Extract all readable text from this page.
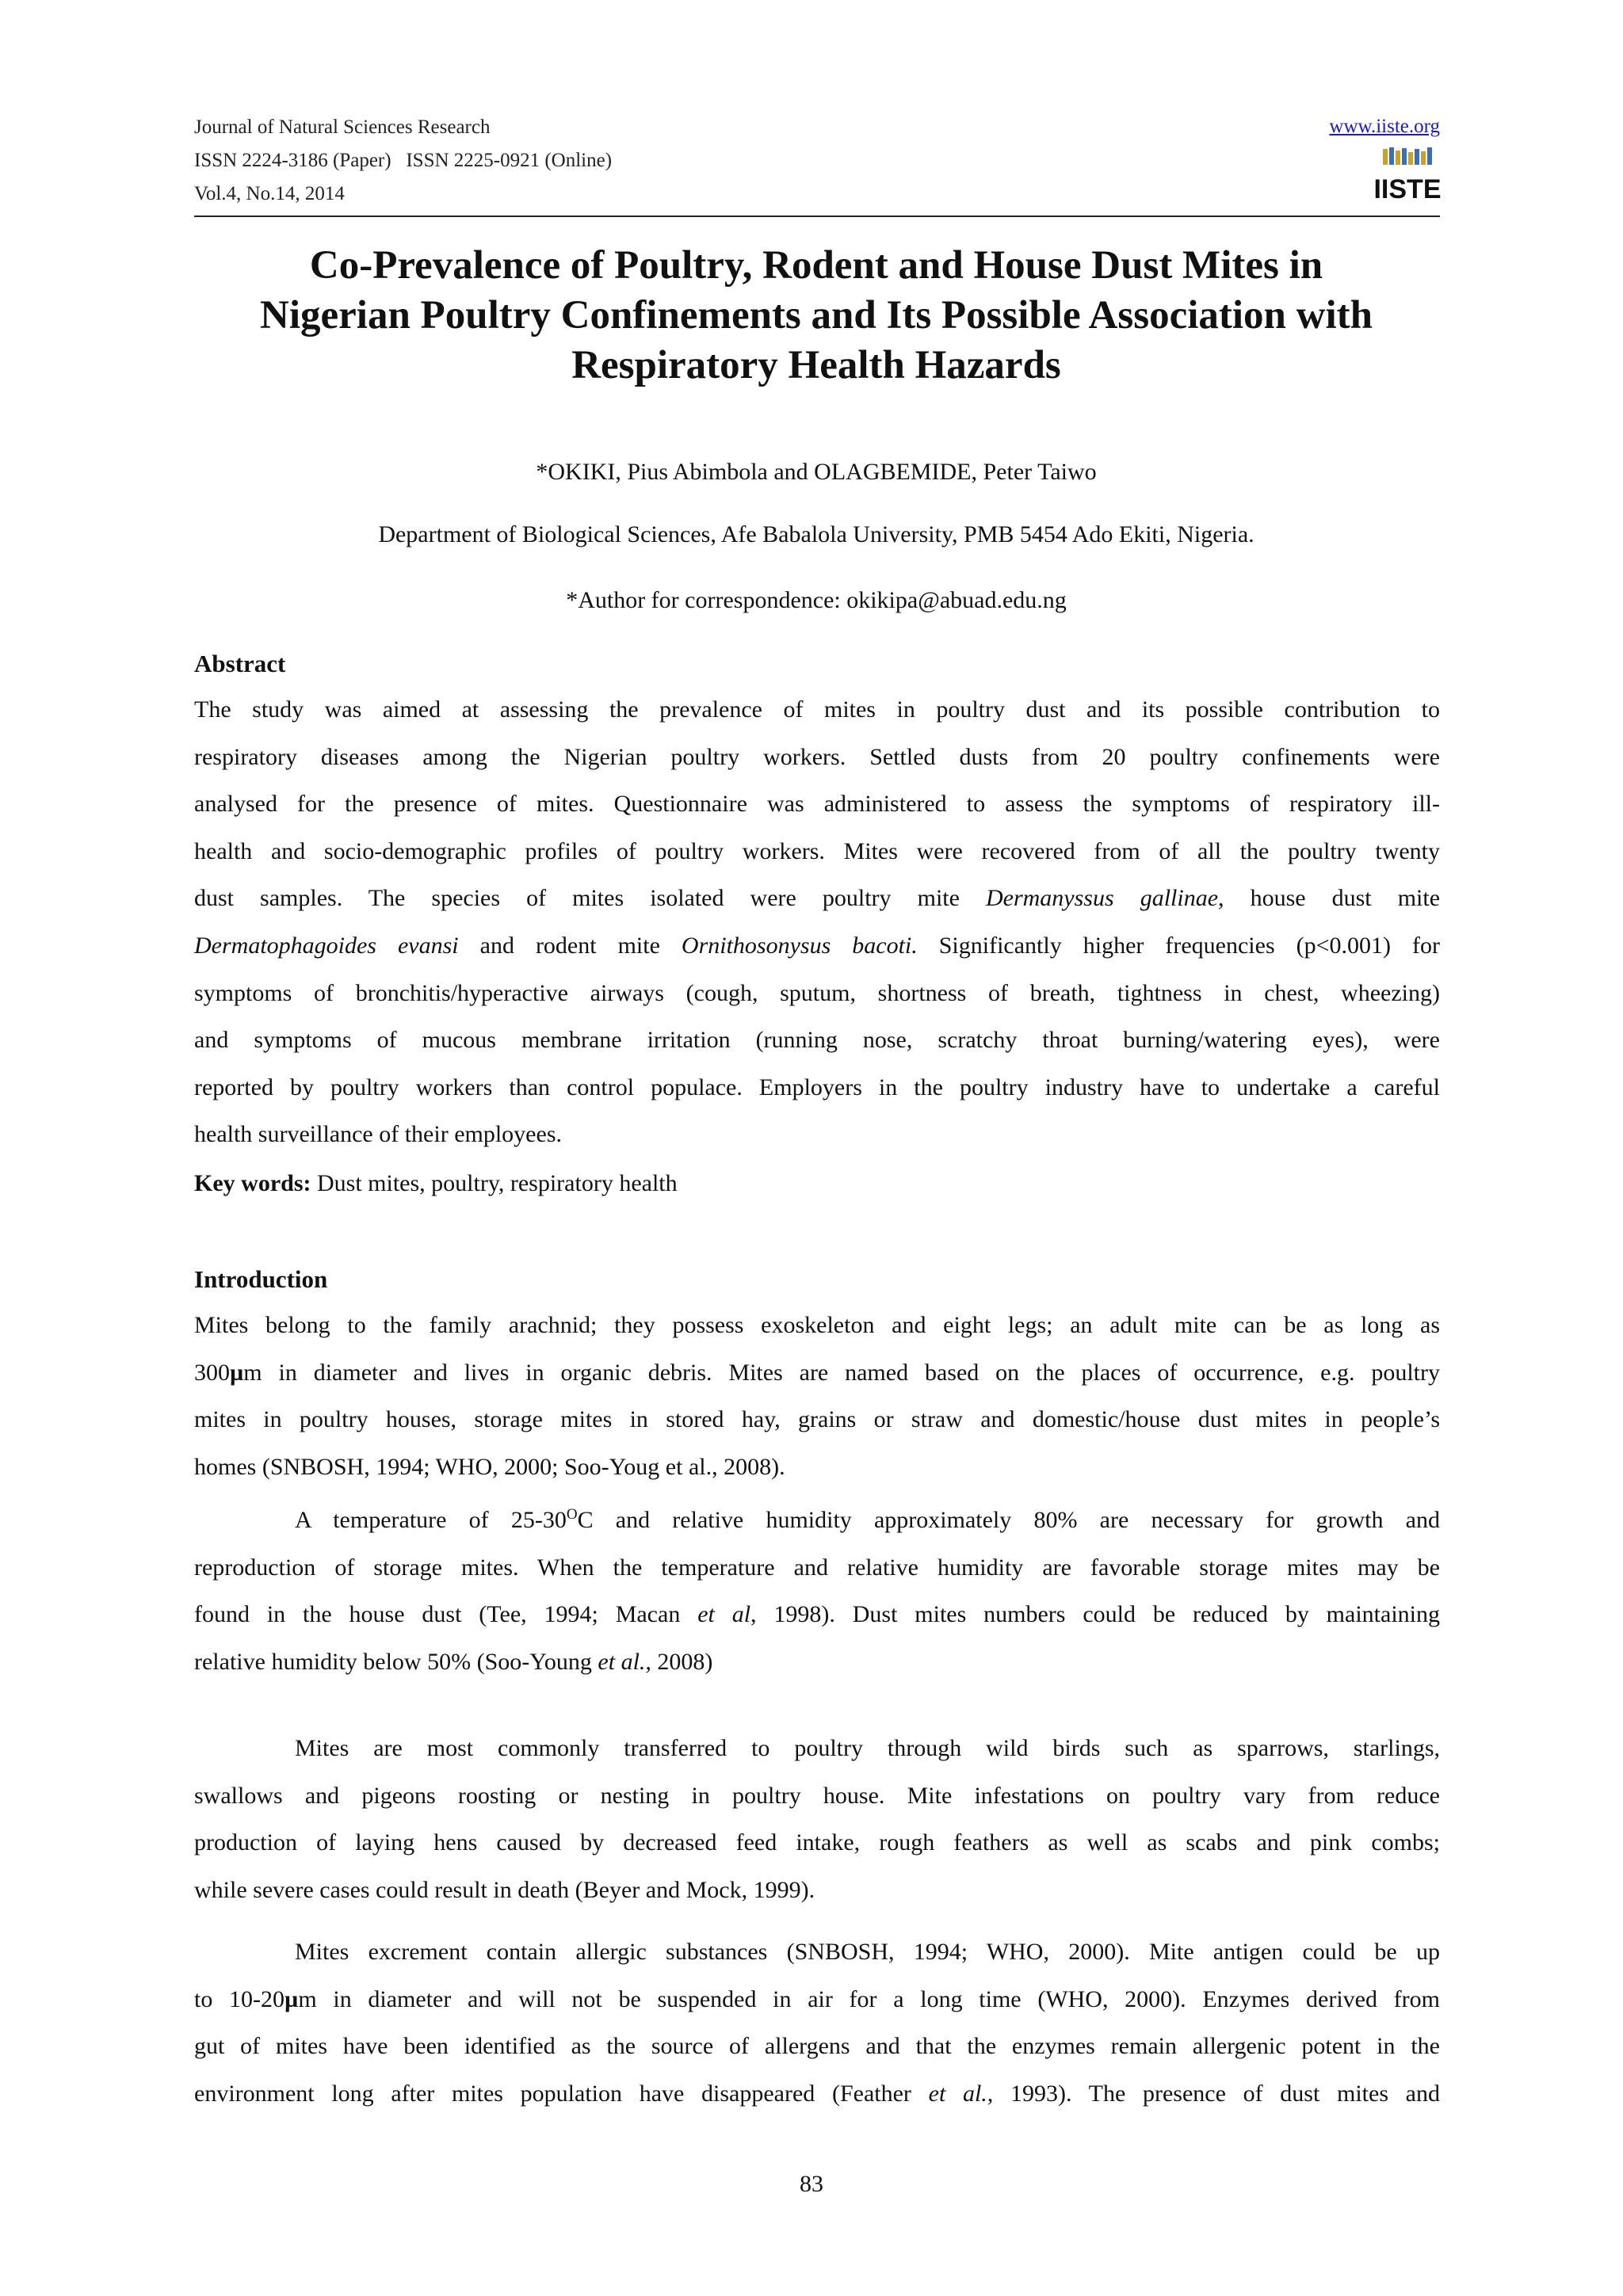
Journal of Natural Sciences Research
ISSN 2224-3186 (Paper)   ISSN 2225-0921 (Online)
Vol.4, No.14, 2014
www.iiste.org
IISTE
Co-Prevalence of Poultry, Rodent and House Dust Mites in
Nigerian Poultry Confinements and Its Possible Association with
Respiratory Health Hazards
*OKIKI, Pius Abimbola and OLAGBEMIDE, Peter Taiwo
Department of Biological Sciences, Afe Babalola University, PMB 5454 Ado Ekiti, Nigeria.
*Author for correspondence: okikipa@abuad.edu.ng
Abstract
The study was aimed at assessing the prevalence of mites in poultry dust and its possible contribution to
respiratory diseases among the Nigerian poultry workers. Settled dusts from 20 poultry confinements were
analysed for the presence of mites. Questionnaire was administered to assess the symptoms of respiratory ill-
health and socio-demographic profiles of poultry workers. Mites were recovered from of all the poultry twenty
dust samples. The species of mites isolated were poultry mite Dermanyssus gallinae, house dust mite
Dermatophagoides evansi and rodent mite Ornithosonysus bacoti. Significantly higher frequencies (p<0.001) for
symptoms of bronchitis/hyperactive airways (cough, sputum, shortness of breath, tightness in chest, wheezing)
and symptoms of mucous membrane irritation (running nose, scratchy throat burning/watering eyes), were
reported by poultry workers than control populace. Employers in the poultry industry have to undertake a careful
health surveillance of their employees.
Key words: Dust mites, poultry, respiratory health
Introduction
Mites belong to the family arachnid; they possess exoskeleton and eight legs; an adult mite can be as long as
300µm in diameter and lives in organic debris. Mites are named based on the places of occurrence, e.g. poultry
mites in poultry houses, storage mites in stored hay, grains or straw and domestic/house dust mites in people’s
homes (SNBOSH, 1994; WHO, 2000; Soo-Youg et al., 2008).
A temperature of $25-30^OC$ and relative humidity approximately 80% are necessary for growth and
reproduction of storage mites. When the temperature and relative humidity are favorable storage mites may be
found in the house dust (Tee, 1994; Macan et al, 1998). Dust mites numbers could be reduced by maintaining
relative humidity below 50% (Soo-Young et al., 2008)
Mites are most commonly transferred to poultry through wild birds such as sparrows, starlings,
swallows and pigeons roosting or nesting in poultry house. Mite infestations on poultry vary from reduce
production of laying hens caused by decreased feed intake, rough feathers as well as scabs and pink combs;
while severe cases could result in death (Beyer and Mock, 1999).
Mites excrement contain allergic substances (SNBOSH, 1994; WHO, 2000). Mite antigen could be up
to 10-20µm in diameter and will not be suspended in air for a long time (WHO, 2000). Enzymes derived from
gut of mites have been identified as the source of allergens and that the enzymes remain allergenic potent in the
environment long after mites population have disappeared (Feather et al., 1993). The presence of dust mites and
83
